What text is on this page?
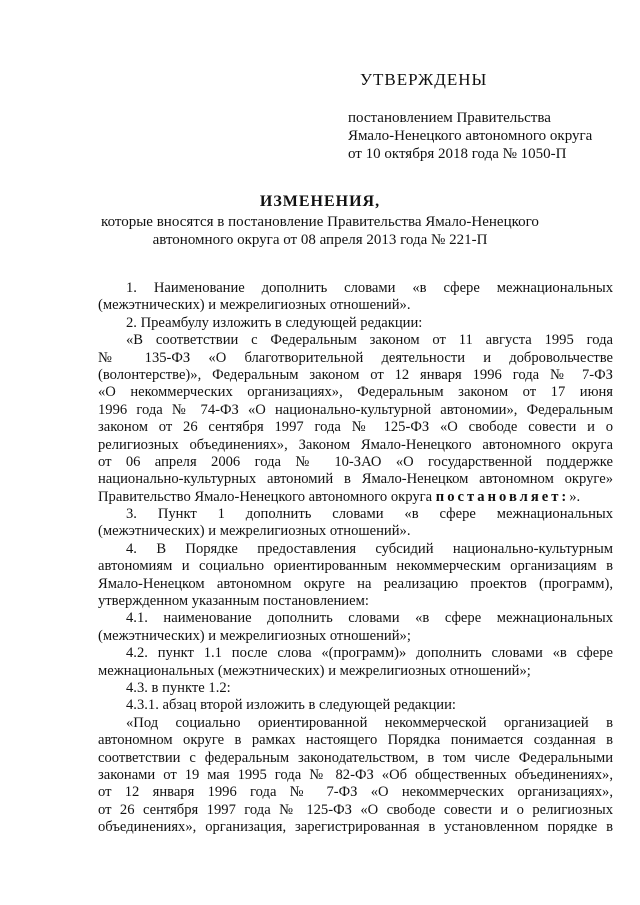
УТВЕРЖДЕНЫ
постановлением Правительства
Ямало-Ненецкого автономного округа
от 10 октября 2018 года № 1050-П
ИЗМЕНЕНИЯ,
которые вносятся в постановление Правительства Ямало-Ненецкого
автономного округа от 08 апреля 2013 года № 221-П
1. Наименование дополнить словами «в сфере межнациональных
(межэтнических) и межрелигиозных отношений».
2. Преамбулу изложить в следующей редакции:
«В соответствии с Федеральным законом от 11 августа 1995 года
№ 135-ФЗ «О благотворительной деятельности и добровольчестве
(волонтерстве)», Федеральным законом от 12 января 1996 года № 7-ФЗ
«О некоммерческих организациях», Федеральным законом от 17 июня
1996 года № 74-ФЗ «О национально-культурной автономии», Федеральным
законом от 26 сентября 1997 года № 125-ФЗ «О свободе совести и о
религиозных объединениях», Законом Ямало-Ненецкого автономного округа
от 06 апреля 2006 года № 10-ЗАО «О государственной поддержке
национально-культурных автономий в Ямало-Ненецком автономном округе»
Правительство Ямало-Ненецкого автономного округа постановляет:».
3. Пункт 1 дополнить словами «в сфере межнациональных
(межэтнических) и межрелигиозных отношений».
4. В Порядке предоставления субсидий национально-культурным
автономиям и социально ориентированным некоммерческим организациям в
Ямало-Ненецком автономном округе на реализацию проектов (программ),
утвержденном указанным постановлением:
4.1. наименование дополнить словами «в сфере межнациональных
(межэтнических) и межрелигиозных отношений»;
4.2. пункт 1.1 после слова «(программ)» дополнить словами «в сфере
межнациональных (межэтнических) и межрелигиозных отношений»;
4.3. в пункте 1.2:
4.3.1. абзац второй изложить в следующей редакции:
«Под социально ориентированной некоммерческой организацией в
автономном округе в рамках настоящего Порядка понимается созданная в
соответствии с федеральным законодательством, в том числе Федеральными
законами от 19 мая 1995 года № 82-ФЗ «Об общественных объединениях»,
от 12 января 1996 года № 7-ФЗ «О некоммерческих организациях»,
от 26 сентября 1997 года № 125-ФЗ «О свободе совести и о религиозных
объединениях», организация, зарегистрированная в установленном порядке в
